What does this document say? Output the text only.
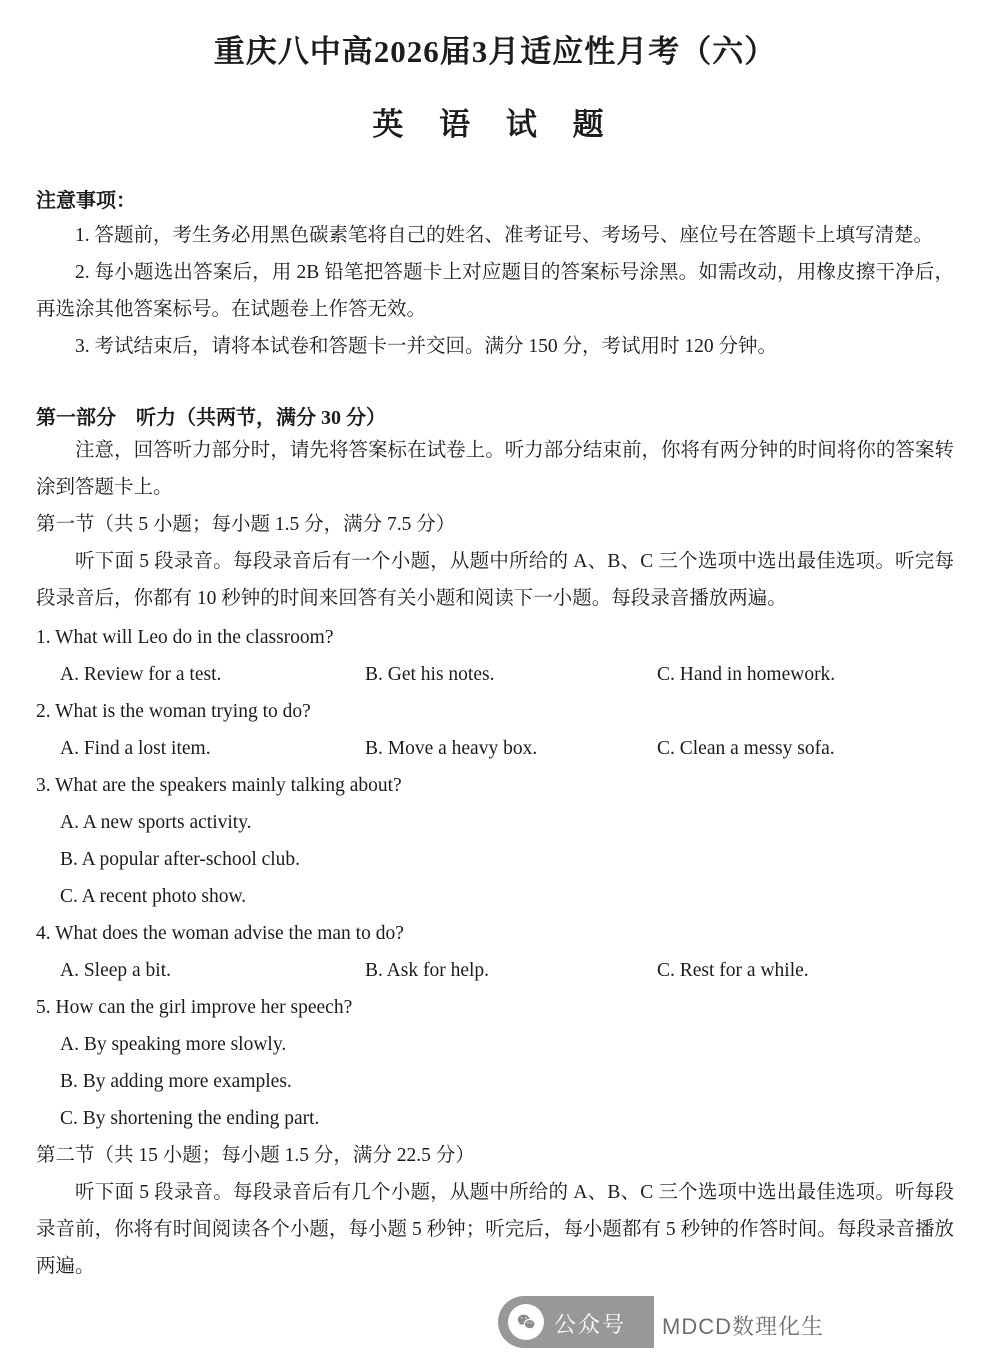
重庆八中高2026届3月适应性月考（六）
英 语 试 题
注意事项：
1. 答题前，考生务必用黑色碳素笔将自己的姓名、准考证号、考场号、座位号在答题卡上填写清楚。
2. 每小题选出答案后，用 2B 铅笔把答题卡上对应题目的答案标号涂黑。如需改动，用橡皮擦干净后，再选涂其他答案标号。在试题卷上作答无效。
3. 考试结束后，请将本试卷和答题卡一并交回。满分 150 分，考试用时 120 分钟。
第一部分　听力（共两节，满分 30 分）
注意，回答听力部分时，请先将答案标在试卷上。听力部分结束前，你将有两分钟的时间将你的答案转涂到答题卡上。
第一节（共 5 小题；每小题 1.5 分，满分 7.5 分）
听下面 5 段录音。每段录音后有一个小题，从题中所给的 A、B、C 三个选项中选出最佳选项。听完每段录音后，你都有 10 秒钟的时间来回答有关小题和阅读下一小题。每段录音播放两遍。
1. What will Leo do in the classroom?
A. Review for a test.	B. Get his notes.	C. Hand in homework.
2. What is the woman trying to do?
A. Find a lost item.	B. Move a heavy box.	C. Clean a messy sofa.
3. What are the speakers mainly talking about?
A. A new sports activity.
B. A popular after-school club.
C. A recent photo show.
4. What does the woman advise the man to do?
A. Sleep a bit.	B. Ask for help.	C. Rest for a while.
5. How can the girl improve her speech?
A. By speaking more slowly.
B. By adding more examples.
C. By shortening the ending part.
第二节（共 15 小题；每小题 1.5 分，满分 22.5 分）
听下面 5 段录音。每段录音后有几个小题，从题中所给的 A、B、C 三个选项中选出最佳选项。听每段录音前，你将有时间阅读各个小题，每小题 5 秒钟；听完后，每小题都有 5 秒钟的作答时间。每段录音播放两遍。
公众号 MDCD数理化生
